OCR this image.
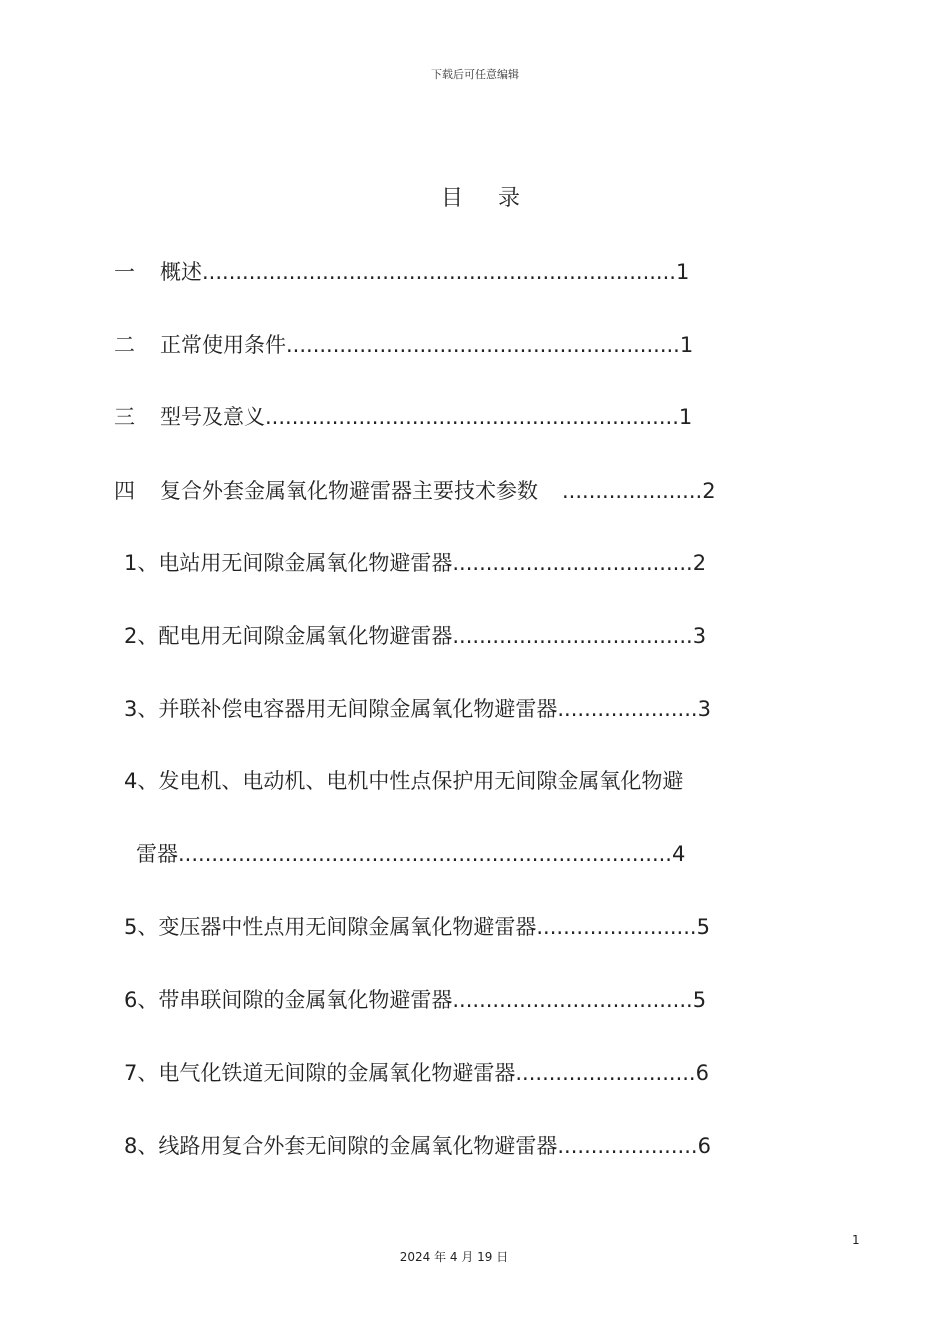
下载后可任意编辑
目 录
一 概述.......................................................................1
二 正常使用条件...........................................................1
三 型号及意义..............................................................1
四 复合外套金属氧化物避雷器主要技术参数 .....................2
1、电站用无间隙金属氧化物避雷器....................................2
2、配电用无间隙金属氧化物避雷器....................................3
3、并联补偿电容器用无间隙金属氧化物避雷器.....................3
4、发电机、电动机、电机中性点保护用无间隙金属氧化物避
雷器..........................................................................4
5、变压器中性点用无间隙金属氧化物避雷器........................5
6、带串联间隙的金属氧化物避雷器....................................5
7、电气化铁道无间隙的金属氧化物避雷器...........................6
8、线路用复合外套无间隙的金属氧化物避雷器.....................6
1
2024 年 4 月 19 日
